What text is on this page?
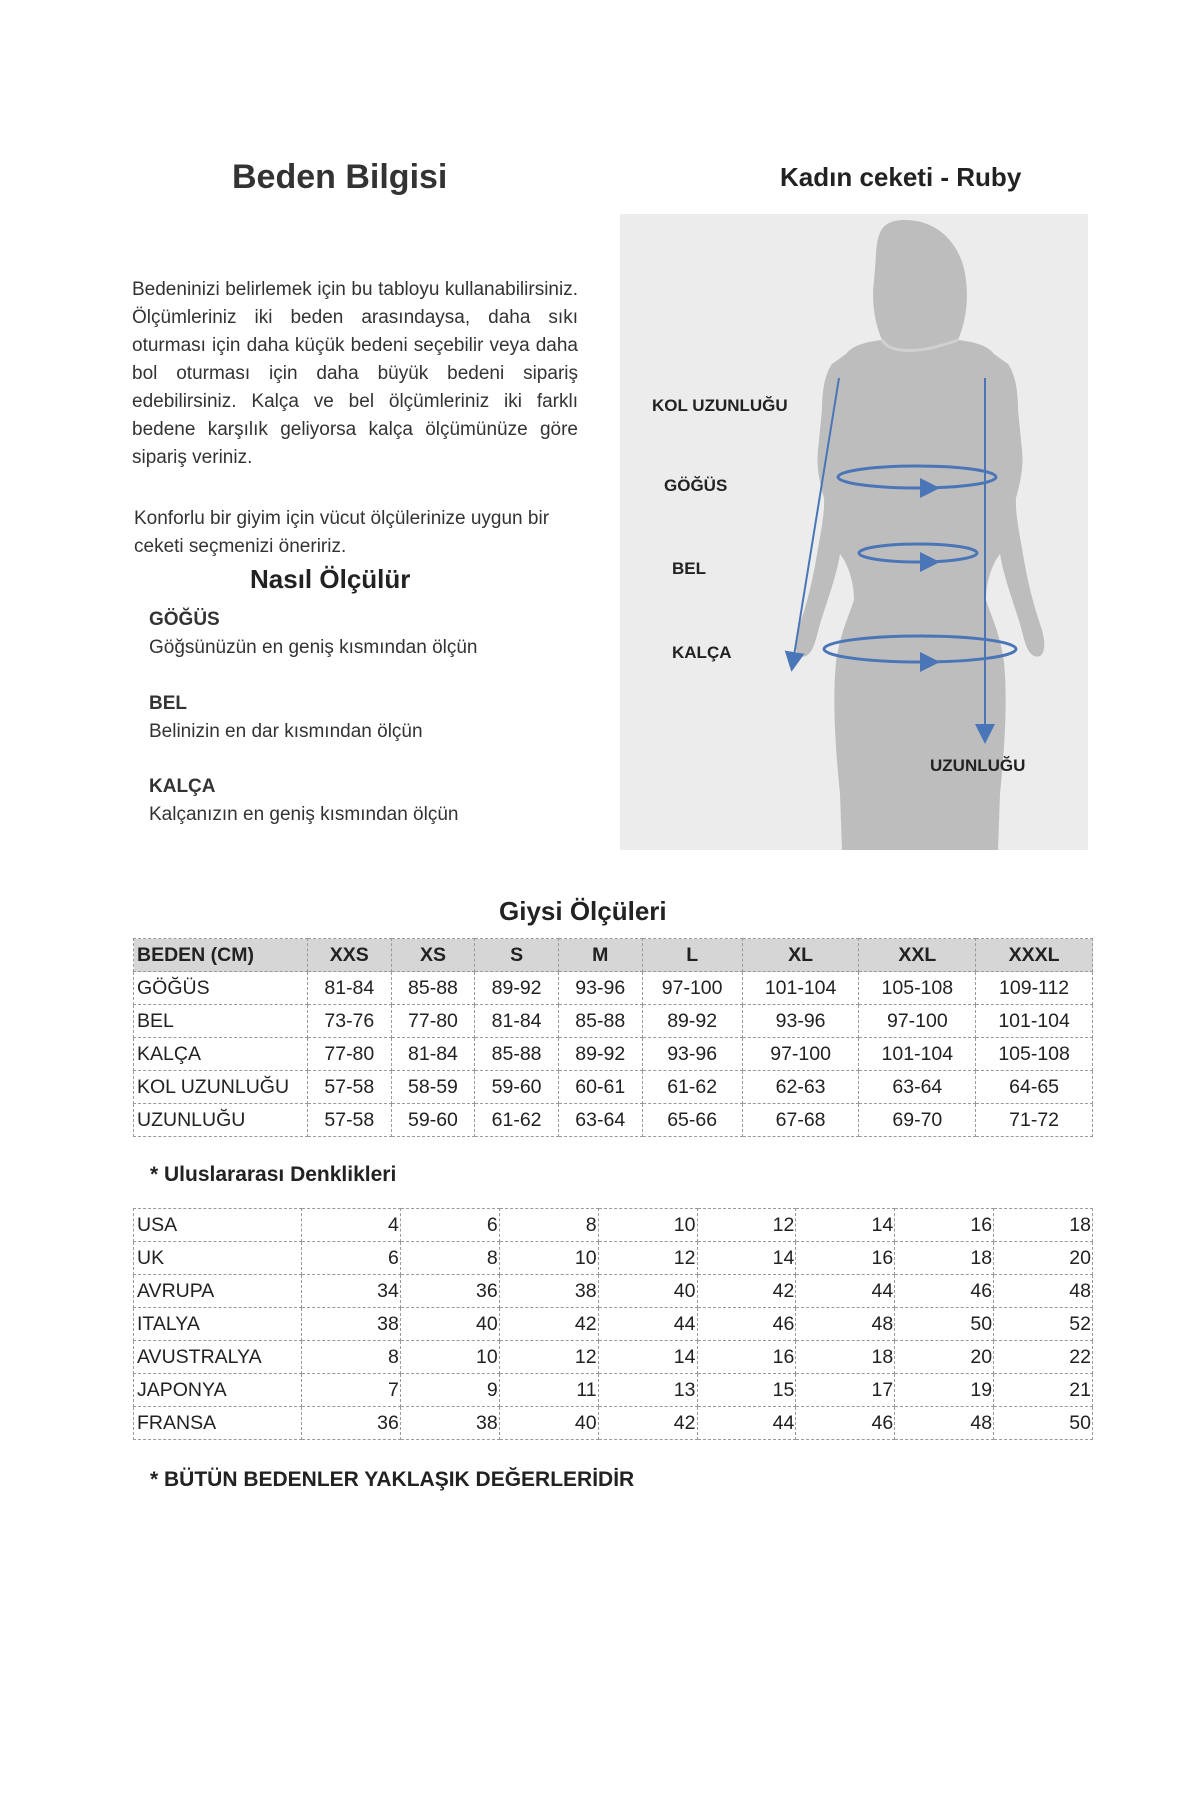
Beden Bilgisi	Kadın ceketi - Ruby
Bedeninizi belirlemek için bu tabloyu kullanabilirsiniz. Ölçümleriniz iki beden arasındaysa, daha sıkı oturması için daha küçük bedeni seçebilir veya daha bol oturması için daha büyük bedeni sipariş edebilirsiniz. Kalça ve bel ölçümleriniz iki farklı bedene karşılık geliyorsa kalça ölçümünüze göre sipariş veriniz.
Konforlu bir giyim için vücut ölçülerinize uygun bir ceketi seçmenizi öneririz.
Nasıl Ölçülür
GÖĞÜS
Göğsünüzün en geniş kısmından ölçün
BEL
Belinizin en dar kısmından ölçün
KALÇA
Kalçanızın en geniş kısmından ölçün
KOL UZUNLUĞU
GÖĞÜS
BEL
KALÇA
UZUNLUĞU
Giysi Ölçüleri
BEDEN (CM)	XXS	XS	S	M	L	XL	XXL	XXXL
GÖĞÜS	81-84	85-88	89-92	93-96	97-100	101-104	105-108	109-112
BEL	73-76	77-80	81-84	85-88	89-92	93-96	97-100	101-104
KALÇA	77-80	81-84	85-88	89-92	93-96	97-100	101-104	105-108
KOL UZUNLUĞU	57-58	58-59	59-60	60-61	61-62	62-63	63-64	64-65
UZUNLUĞU	57-58	59-60	61-62	63-64	65-66	67-68	69-70	71-72
* Uluslararası Denklikleri
USA	4	6	8	10	12	14	16	18
UK	6	8	10	12	14	16	18	20
AVRUPA	34	36	38	40	42	44	46	48
ITALYA	38	40	42	44	46	48	50	52
AVUSTRALYA	8	10	12	14	16	18	20	22
JAPONYA	7	9	11	13	15	17	19	21
FRANSA	36	38	40	42	44	46	48	50
* BÜTÜN BEDENLER YAKLAŞIK DEĞERLERİDİR
